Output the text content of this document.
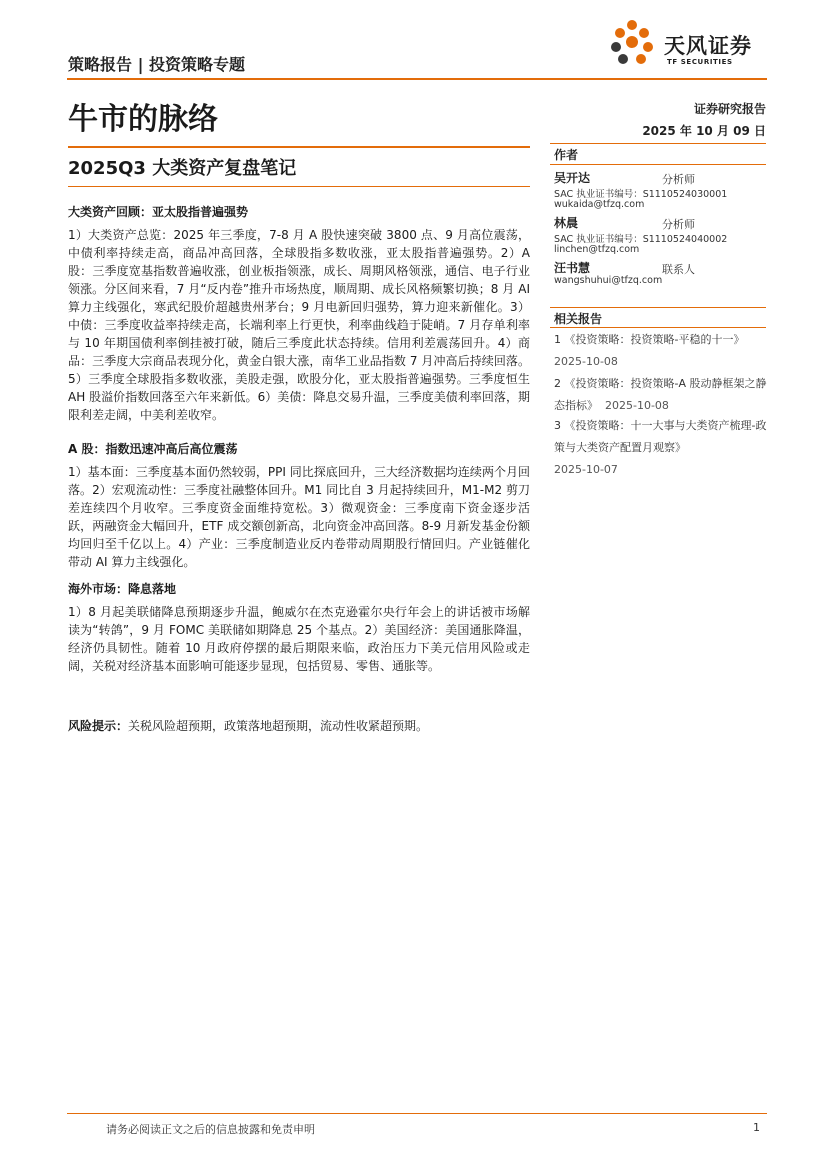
策略报告 | 投资策略专题
天风证券
TF SECURITIES
牛市的脉络
2025Q3 大类资产复盘笔记
证券研究报告
2025 年 10 月 09 日
作者
吴开达	分析师
SAC 执业证书编号：S1110524030001
wukaida@tfzq.com
林晨	分析师
SAC 执业证书编号：S1110524040002
linchen@tfzq.com
汪书慧	联系人
wangshuhui@tfzq.com
相关报告
1 《投资策略：投资策略-平稳的十一》
2025-10-08
2 《投资策略：投资策略-A 股动静框架之静态指标》 2025-10-08
3 《投资策略：十一大事与大类资产梳理-政策与大类资产配置月观察》
2025-10-07
大类资产回顾：亚太股指普遍强势
1）大类资产总览：2025 年三季度，7-8 月 A 股快速突破 3800 点、9 月高位震荡，中债利率持续走高，商品冲高回落，全球股指多数收涨，亚太股指普遍强势。2）A 股：三季度宽基指数普遍收涨，创业板指领涨，成长、周期风格领涨，通信、电子行业领涨。分区间来看，7 月“反内卷”推升市场热度，顺周期、成长风格频繁切换；8 月 AI 算力主线强化，寒武纪股价超越贵州茅台；9 月电新回归强势，算力迎来新催化。3）中债：三季度收益率持续走高，长端利率上行更快，利率曲线趋于陡峭。7 月存单利率与 10 年期国债利率倒挂被打破，随后三季度此状态持续。信用利差震荡回升。4）商品：三季度大宗商品表现分化，黄金白银大涨，南华工业品指数 7 月冲高后持续回落。5）三季度全球股指多数收涨，美股走强，欧股分化，亚太股指普遍强势。三季度恒生 AH 股溢价指数回落至六年来新低。6）美债：降息交易升温，三季度美债利率回落，期限利差走阔，中美利差收窄。
A 股：指数迅速冲高后高位震荡
1）基本面：三季度基本面仍然较弱，PPI 同比探底回升，三大经济数据均连续两个月回落。2）宏观流动性：三季度社融整体回升。M1 同比自 3 月起持续回升，M1-M2 剪刀差连续四个月收窄。三季度资金面维持宽松。3）微观资金：三季度南下资金逐步活跃，两融资金大幅回升，ETF 成交额创新高，北向资金冲高回落。8-9 月新发基金份额均回归至千亿以上。4）产业：三季度制造业反内卷带动周期股行情回归。产业链催化带动 AI 算力主线强化。
海外市场：降息落地
1）8 月起美联储降息预期逐步升温，鲍威尔在杰克逊霍尔央行年会上的讲话被市场解读为“转鸽”，9 月 FOMC 美联储如期降息 25 个基点。2）美国经济：美国通胀降温，经济仍具韧性。随着 10 月政府停摆的最后期限来临，政治压力下美元信用风险或走阔，关税对经济基本面影响可能逐步显现，包括贸易、零售、通胀等。
风险提示：关税风险超预期，政策落地超预期，流动性收紧超预期。
请务必阅读正文之后的信息披露和免责申明	1
